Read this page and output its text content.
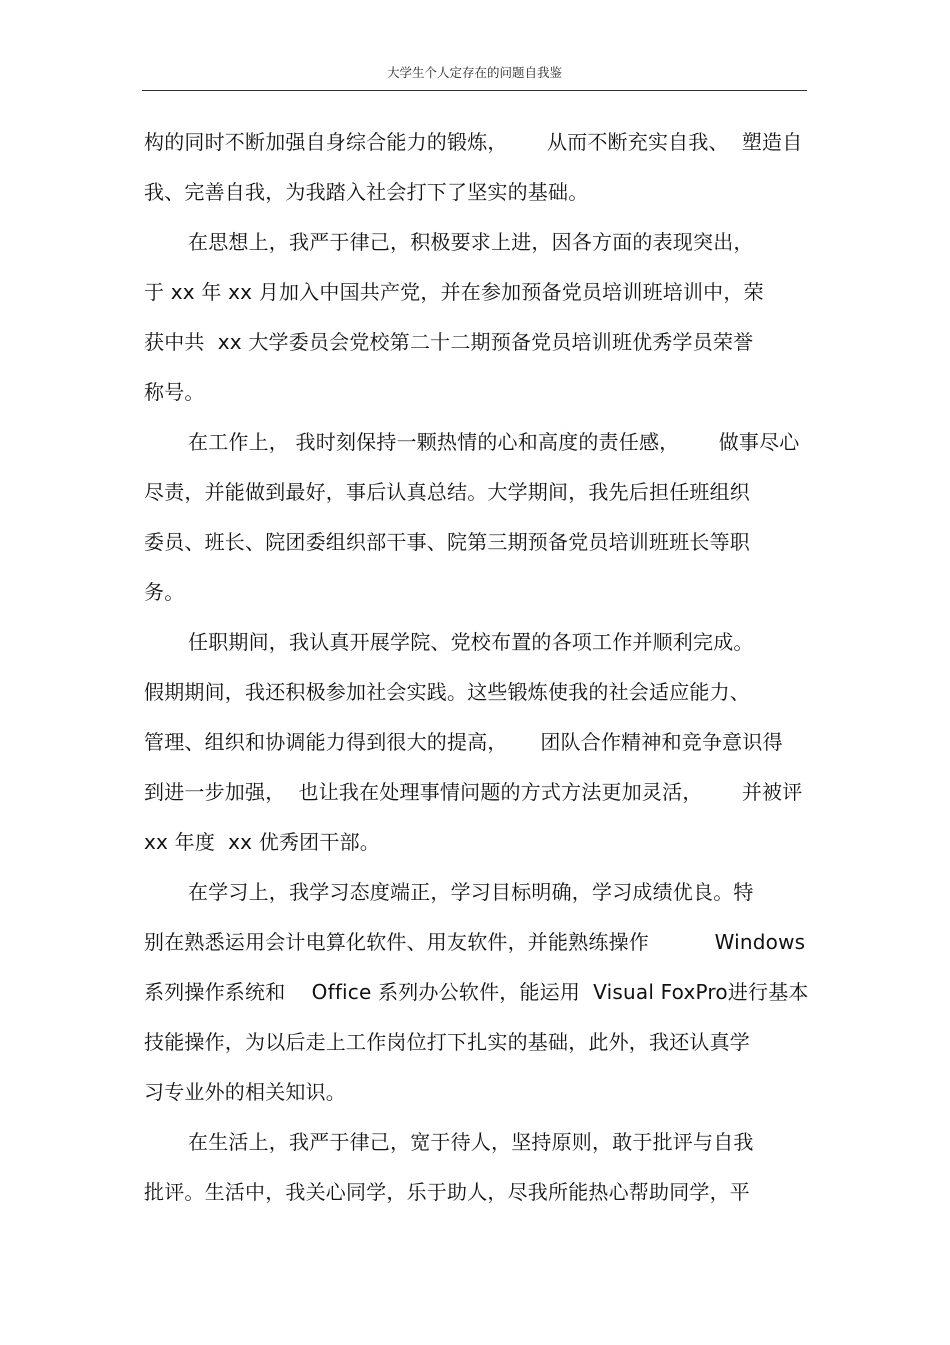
大学生个人定存在的问题自我鉴
构的同时不断加强自身综合能力的锻炼，      从而不断充实自我、  塑造自
我、完善自我，为我踏入社会打下了坚实的基础。
在思想上，我严于律己，积极要求上进，因各方面的表现突出，
于 xx 年 xx 月加入中国共产党，并在参加预备党员培训班培训中，荣
获中共  xx 大学委员会党校第二十二期预备党员培训班优秀学员荣誉
称号。
在工作上， 我时刻保持一颗热情的心和高度的责任感，      做事尽心
尽责，并能做到最好，事后认真总结。大学期间，我先后担任班组织
委员、班长、院团委组织部干事、院第三期预备党员培训班班长等职
务。
任职期间，我认真开展学院、党校布置的各项工作并顺利完成。
假期期间，我还积极参加社会实践。这些锻炼使我的社会适应能力、
管理、组织和协调能力得到很大的提高，     团队合作精神和竞争意识得
到进一步加强，  也让我在处理事情问题的方式方法更加灵活，      并被评
xx 年度  xx 优秀团干部。
在学习上，我学习态度端正，学习目标明确，学习成绩优良。特
别在熟悉运用会计电算化软件、用友软件，并能熟练操作          Windows
系列操作系统和    Office 系列办公软件，能运用  Visual FoxPro进行基本
技能操作，为以后走上工作岗位打下扎实的基础，此外，我还认真学
习专业外的相关知识。
在生活上，我严于律己，宽于待人，坚持原则，敢于批评与自我
批评。生活中，我关心同学，乐于助人，尽我所能热心帮助同学，平
